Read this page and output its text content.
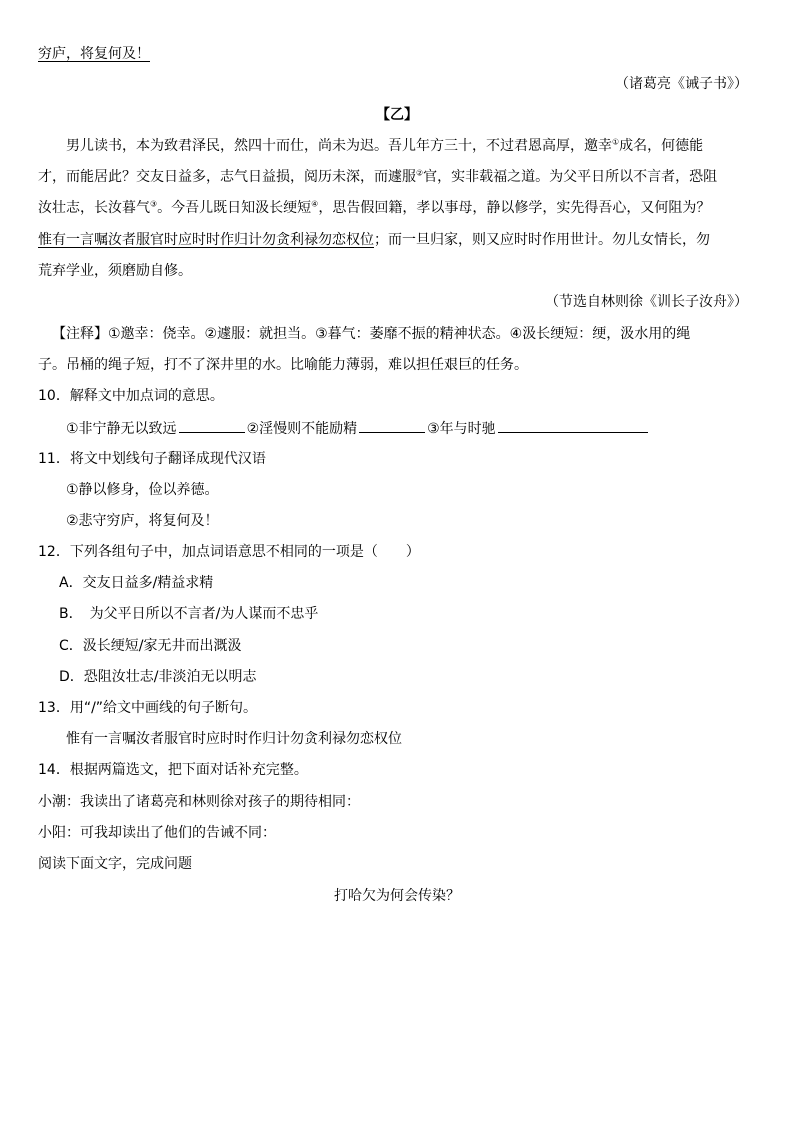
穷庐，将复何及！
（诸葛亮《诫子书》）
【乙】
男儿读书，本为致君泽民，然四十而仕，尚未为迟。吾儿年方三十，不过君恩高厚，邀幸①成名，何德能
才，而能居此？交友日益多，志气日益损，阅历未深，而遽服②官，实非载福之道。为父平日所以不言者，恐阻
汝壮志，长汝暮气③。今吾儿既日知汲长绠短④，思告假回籍，孝以事母，静以修学，实先得吾心，又何阻为？
惟有一言嘱汝者服官时应时时作归计勿贪利禄勿恋权位；而一旦归家，则又应时时作用世计。勿儿女情长，勿
荒弃学业，须磨励自修。
（节选自林则徐《训长子汝舟》）
【注释】①邀幸：侥幸。②遽服：就担当。③暮气：萎靡不振的精神状态。④汲长绠短：绠，汲水用的绳
子。吊桶的绳子短，打不了深井里的水。比喻能力薄弱，难以担任艰巨的任务。
10．解释文中加点词的意思。
①非宁静无以致远	②淫慢则不能励精	③年与时驰
11．将文中划线句子翻译成现代汉语
①静以修身，俭以养德。
②悲守穷庐，将复何及！
12．下列各组句子中，加点词语意思不相同的一项是（　　）
A．交友日益多/精益求精
B．　为父平日所以不言者/为人谋而不忠乎
C．汲长绠短/家无井而出溉汲
D．恐阻汝壮志/非淡泊无以明志
13．用“/”给文中画线的句子断句。
惟有一言嘱汝者服官时应时时作归计勿贪利禄勿恋权位
14．根据两篇选文，把下面对话补充完整。
小潮：我读出了诸葛亮和林则徐对孩子的期待相同：
小阳：可我却读出了他们的告诫不同：
阅读下面文字，完成问题
打哈欠为何会传染？
